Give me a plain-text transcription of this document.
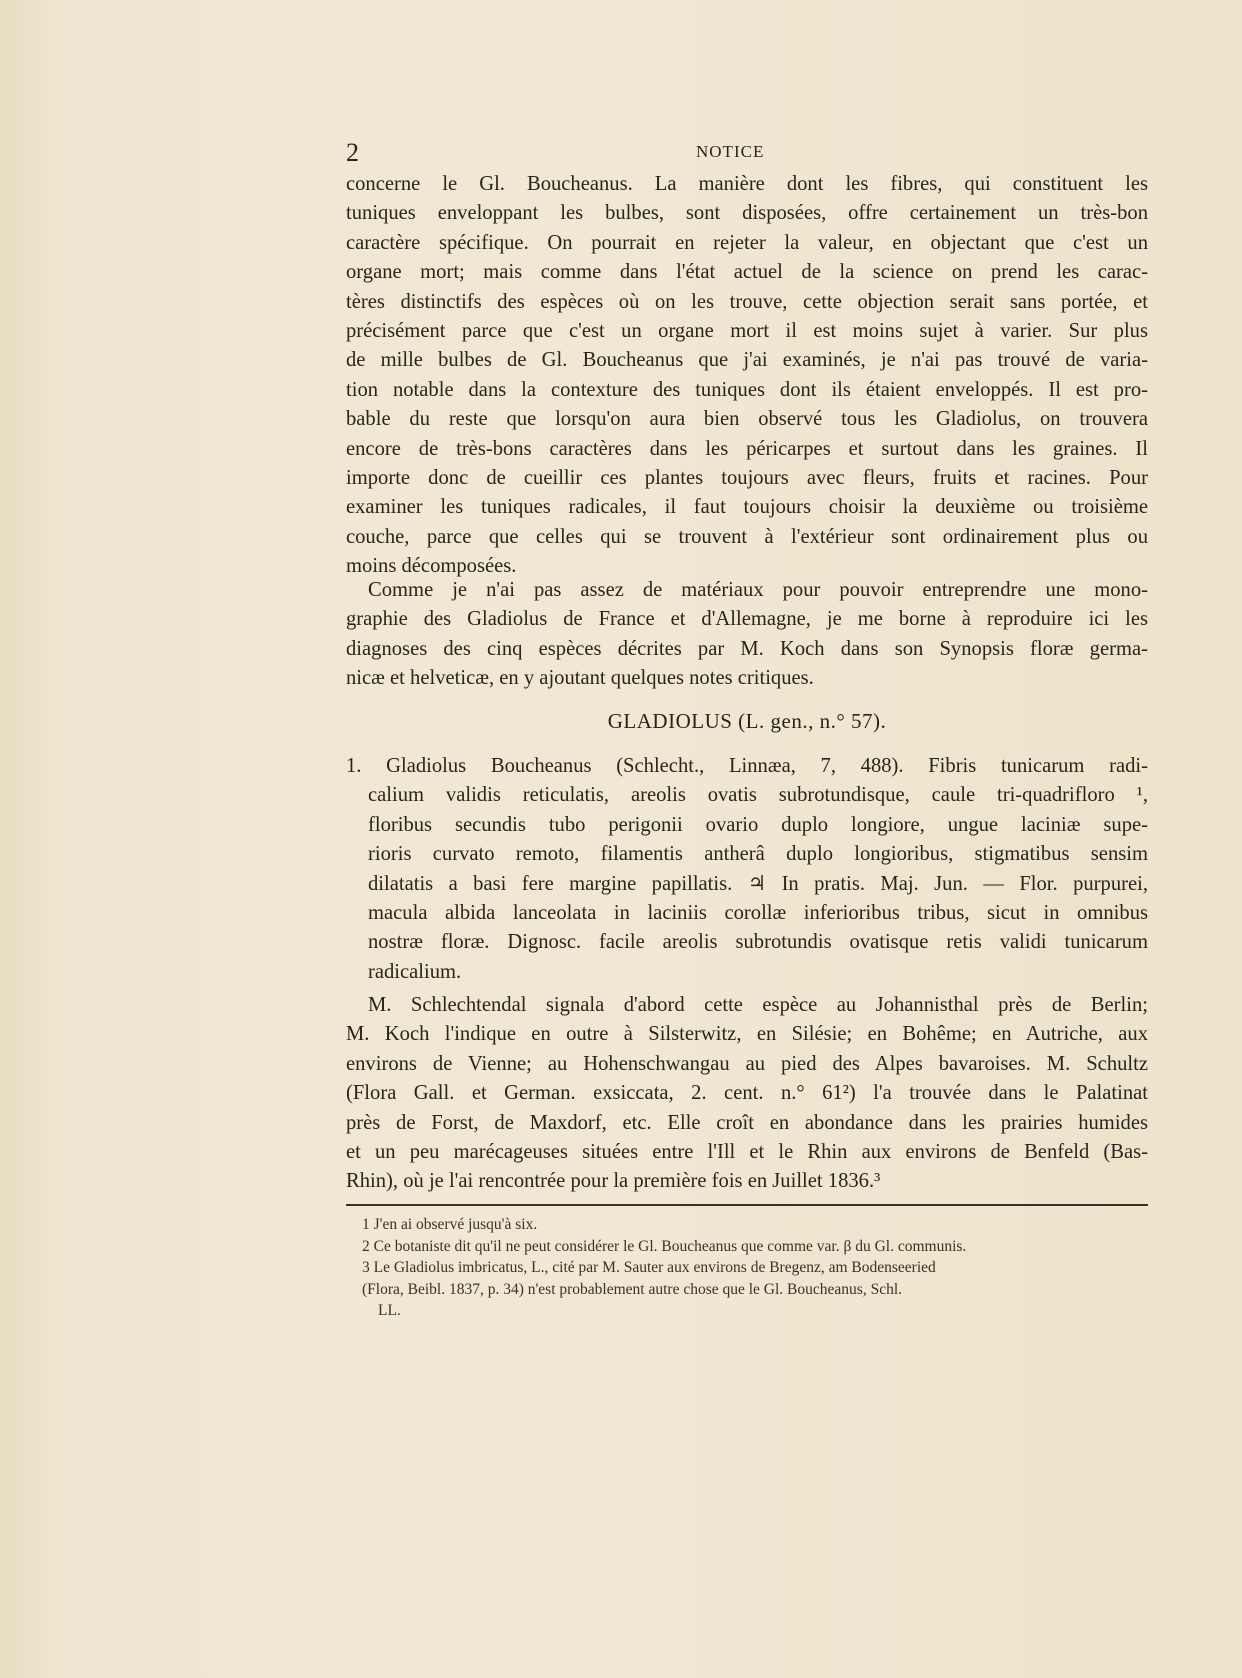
2	NOTICE
concerne le Gl. Boucheanus. La manière dont les fibres, qui constituent les
tuniques enveloppant les bulbes, sont disposées, offre certainement un très-bon
caractère spécifique. On pourrait en rejeter la valeur, en objectant que c'est un
organe mort; mais comme dans l'état actuel de la science on prend les carac-
tères distinctifs des espèces où on les trouve, cette objection serait sans portée, et
précisément parce que c'est un organe mort il est moins sujet à varier. Sur plus
de mille bulbes de Gl. Boucheanus que j'ai examinés, je n'ai pas trouvé de varia-
tion notable dans la contexture des tuniques dont ils étaient enveloppés. Il est pro-
bable du reste que lorsqu'on aura bien observé tous les Gladiolus, on trouvera
encore de très-bons caractères dans les péricarpes et surtout dans les graines. Il
importe donc de cueillir ces plantes toujours avec fleurs, fruits et racines. Pour
examiner les tuniques radicales, il faut toujours choisir la deuxième ou troisième
couche, parce que celles qui se trouvent à l'extérieur sont ordinairement plus ou
moins décomposées.
Comme je n'ai pas assez de matériaux pour pouvoir entreprendre une mono-
graphie des Gladiolus de France et d'Allemagne, je me borne à reproduire ici les
diagnoses des cinq espèces décrites par M. Koch dans son Synopsis floræ germa-
nicæ et helveticæ, en y ajoutant quelques notes critiques.
GLADIOLUS (L. gen., n.° 57).
1. Gladiolus Boucheanus (Schlecht., Linnæa, 7, 488). Fibris tunicarum radi-
calium validis reticulatis, areolis ovatis subrotundisque, caule tri-quadrifloro ¹,
floribus secundis tubo perigonii ovario duplo longiore, ungue laciniæ supe-
rioris curvato remoto, filamentis antherâ duplo longioribus, stigmatibus sensim
dilatatis a basi fere margine papillatis. ♃ In pratis. Maj. Jun. — Flor. purpurei,
macula albida lanceolata in laciniis corollæ inferioribus tribus, sicut in omnibus
nostræ floræ. Dignosc. facile areolis subrotundis ovatisque retis validi tunicarum
radicalium.
M. Schlechtendal signala d'abord cette espèce au Johannisthal près de Berlin;
M. Koch l'indique en outre à Silsterwitz, en Silésie; en Bohême; en Autriche, aux
environs de Vienne; au Hohenschwangau au pied des Alpes bavaroises. M. Schultz
(Flora Gall. et German. exsiccata, 2. cent. n.° 61²) l'a trouvée dans le Palatinat
près de Forst, de Maxdorf, etc. Elle croît en abondance dans les prairies humides
et un peu marécageuses situées entre l'Ill et le Rhin aux environs de Benfeld (Bas-
Rhin), où je l'ai rencontrée pour la première fois en Juillet 1836.³
1 J'en ai observé jusqu'à six.
2 Ce botaniste dit qu'il ne peut considérer le Gl. Boucheanus que comme var. β du Gl. communis.
3 Le Gladiolus imbricatus, L., cité par M. Sauter aux environs de Bregenz, am Bodenseeried
(Flora, Beibl. 1837, p. 34) n'est probablement autre chose que le Gl. Boucheanus, Schl.
LL.
